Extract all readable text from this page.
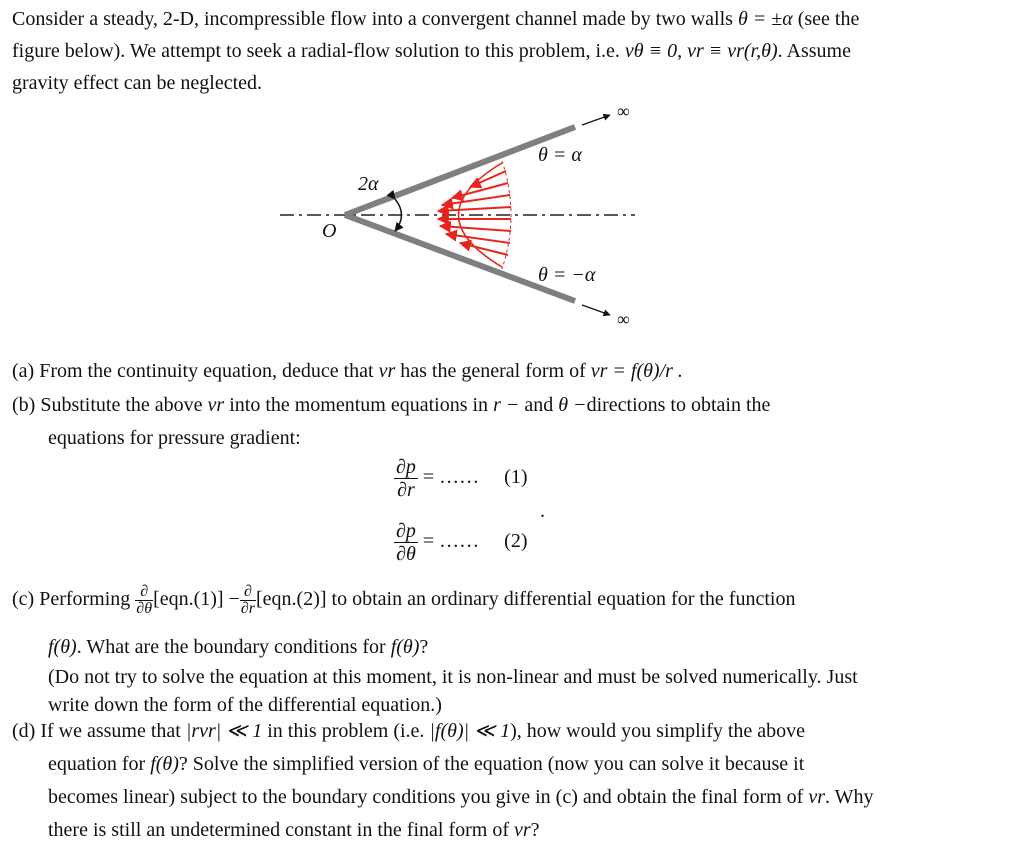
Consider a steady, 2-D, incompressible flow into a convergent channel made by two walls θ = ±α (see the
figure below). We attempt to seek a radial-flow solution to this problem, i.e. vθ ≡ 0, vr ≡ vr(r,θ). Assume
gravity effect can be neglected.
∞
∞
θ = α
θ = −α
2α
O
(a) From the continuity equation, deduce that vr has the general form of vr = f(θ)/r .
(b) Substitute the above vr into the momentum equations in r − and θ −directions to obtain the
equations for pressure gradient:
$\frac{\partial p}{\partial r}$ = …… (1)
.
$\frac{\partial p}{\partial\theta}$ = …… (2)
(c) Performing $\frac{\partial}{\partial\theta} [eqn.(1)] - \frac{\partial}{\partial r} [eqn.(2)]$ to obtain an ordinary differential equation for the function
f(θ). What are the boundary conditions for f(θ)?
(Do not try to solve the equation at this moment, it is non-linear and must be solved numerically. Just
write down the form of the differential equation.)
(d) If we assume that |rvr| ≪ 1 in this problem (i.e. |f(θ)| ≪ 1), how would you simplify the above
equation for f(θ)? Solve the simplified version of the equation (now you can solve it because it
becomes linear) subject to the boundary conditions you give in (c) and obtain the final form of vr. Why
there is still an undetermined constant in the final form of vr?
